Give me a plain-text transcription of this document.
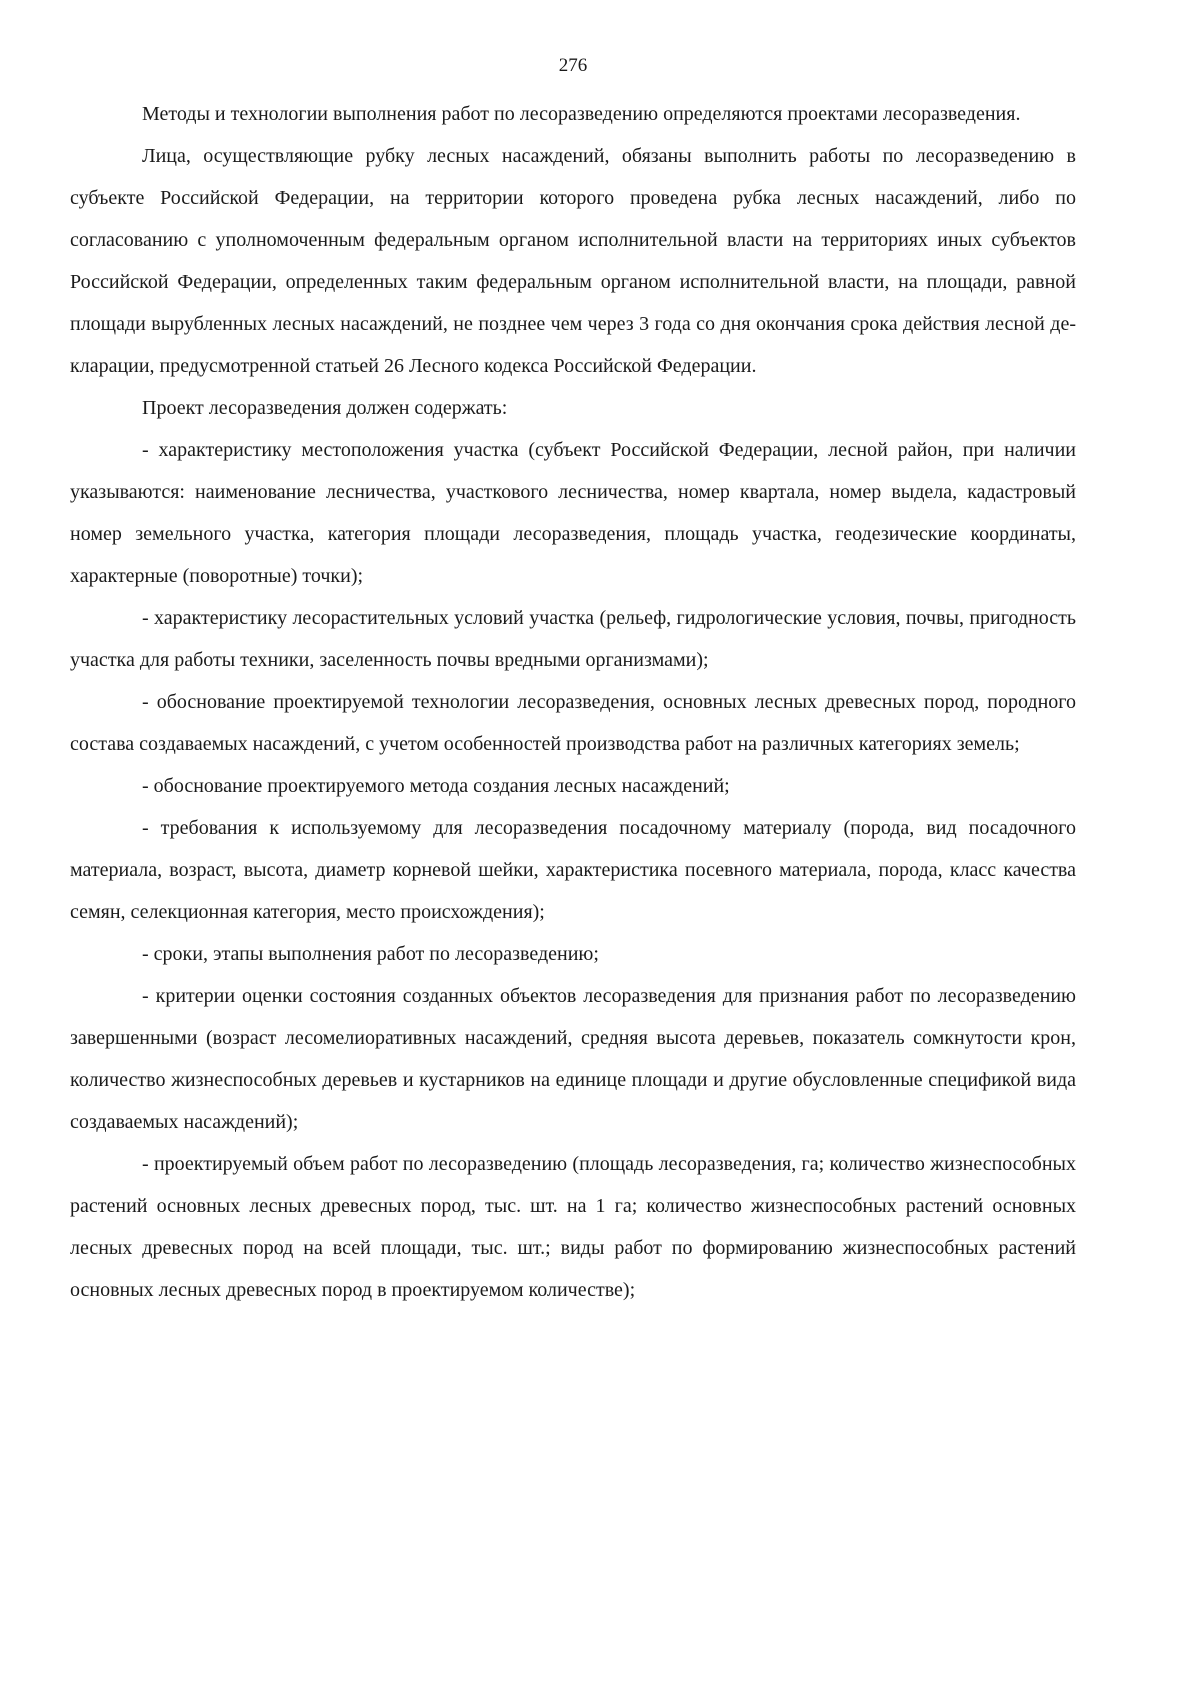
276

Методы и технологии выполнения работ по лесоразведению определяются проектами лесоразведения.

Лица, осуществляющие рубку лесных насаждений, обязаны выполнить работы по лесоразведению в субъекте Российской Федерации, на территории которого проведена рубка лесных насаждений, либо по согласованию с уполномоченным федеральным органом исполнительной власти на территориях иных субъектов Российской Федерации, определенных таким федеральным органом исполнительной власти, на площади, равной площади вырубленных лесных насаждений, не позднее чем через 3 года со дня окончания срока действия лесной декларации, предусмотренной статьей 26 Лесного кодекса Российской Федерации.

Проект лесоразведения должен содержать:

- характеристику местоположения участка (субъект Российской Федерации, лесной район, при наличии указываются: наименование лесничества, участкового лесничества, номер квартала, номер выдела, кадастровый номер земельного участка, категория площади лесоразведения, площадь участка, геодезические координаты, характерные (поворотные) точки);

- характеристику лесорастительных условий участка (рельеф, гидрологические условия, почвы, пригодность участка для работы техники, заселенность почвы вредными организмами);

- обоснование проектируемой технологии лесоразведения, основных лесных древесных пород, породного состава создаваемых насаждений, с учетом особенностей производства работ на различных категориях земель;

- обоснование проектируемого метода создания лесных насаждений;

- требования к используемому для лесоразведения посадочному материалу (порода, вид посадочного материала, возраст, высота, диаметр корневой шейки, характеристика посевного материала, порода, класс качества семян, селекционная категория, место происхождения);

- сроки, этапы выполнения работ по лесоразведению;

- критерии оценки состояния созданных объектов лесоразведения для признания работ по лесоразведению завершенными (возраст лесомелиоративных насаждений, средняя высота деревьев, показатель сомкнутости крон, количество жизнеспособных деревьев и кустарников на единице площади и другие обусловленные спецификой вида создаваемых насаждений);

- проектируемый объем работ по лесоразведению (площадь лесоразведения, га; количество жизнеспособных растений основных лесных древесных пород, тыс. шт. на 1 га; количество жизнеспособных растений основных лесных древесных пород на всей площади, тыс. шт.; виды работ по формированию жизнеспособных растений основных лесных древесных пород в проектируемом количестве);
